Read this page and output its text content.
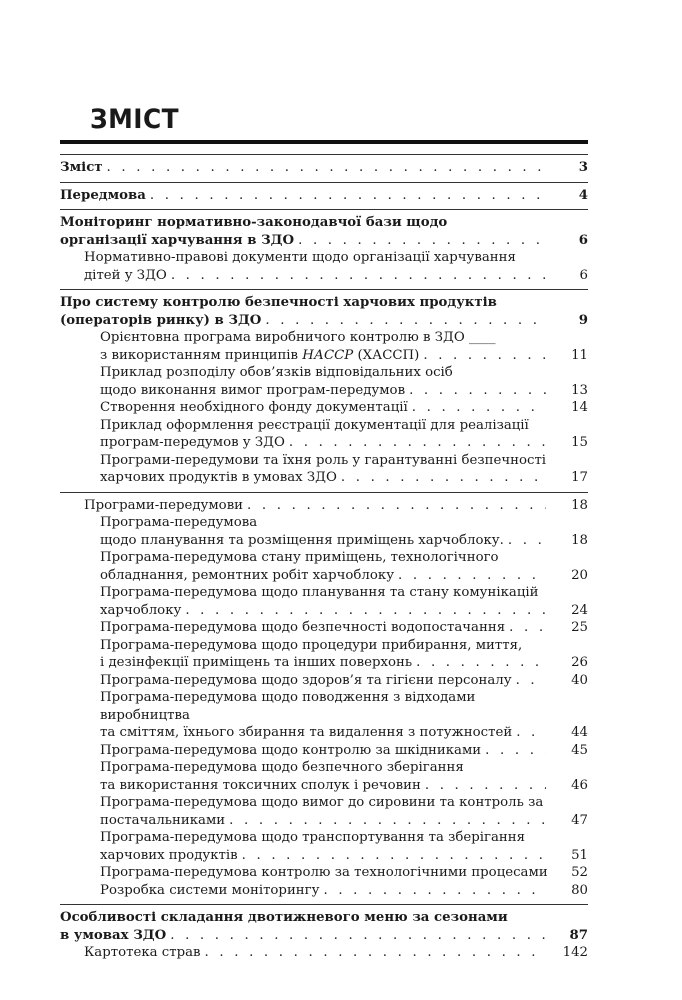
ЗМІСТ
Зміст . . .	3
Передмова . . .	4
Моніторинг нормативно-законодавчої бази щодо
організації харчування в ЗДО . . .	6
Нормативно-правові документи щодо організації харчування
дітей у ЗДО . . .	6
Про систему контролю безпечності харчових продуктів
(операторів ринку) в ЗДО . . .	9
Орієнтовна програма виробничого контролю в ЗДО ____
з використанням принципів НАССР (ХАССП) . . .	11
Приклад розподілу обов’язків відповідальних осіб
щодо виконання вимог програм-передумов . . .	13
Створення необхідного фонду документації . . .	14
Приклад оформлення реєстрації документації для реалізації
програм-передумов у ЗДО . . .	15
Програми-передумови та їхня роль у гарантуванні безпечності
харчових продуктів в умовах ЗДО . . .	17
Програми-передумови . . .	18
Програма-передумова
щодо планування та розміщення приміщень харчоблоку. . . .	18
Програма-передумова стану приміщень, технологічного
обладнання, ремонтних робіт харчоблоку . . .	20
Програма-передумова щодо планування та стану комунікацій
харчоблоку . . .	24
Програма-передумова щодо безпечності водопостачання . . .	25
Програма-передумова щодо процедури прибирання, миття,
і дезінфекції приміщень та інших поверхонь . . .	26
Програма-передумова щодо здоров’я та гігієни персоналу . . .	40
Програма-передумова щодо поводження з відходами виробництва
та сміттям, їхнього збирання та видалення з потужностей . . .	44
Програма-передумова щодо контролю за шкідниками . . .	45
Програма-передумова щодо безпечного зберігання
та використання токсичних сполук і речовин . . .	46
Програма-передумова щодо вимог до сировини та контроль за
постачальниками . . .	47
Програма-передумова щодо транспортування та зберігання
харчових продуктів . . .	51
Програма-передумова контролю за технологічними процесами	52
Розробка системи моніторингу . . .	80
Особливості складання двотижневого меню за сезонами
в умовах ЗДО . . .	87
Картотека страв . . .	142
